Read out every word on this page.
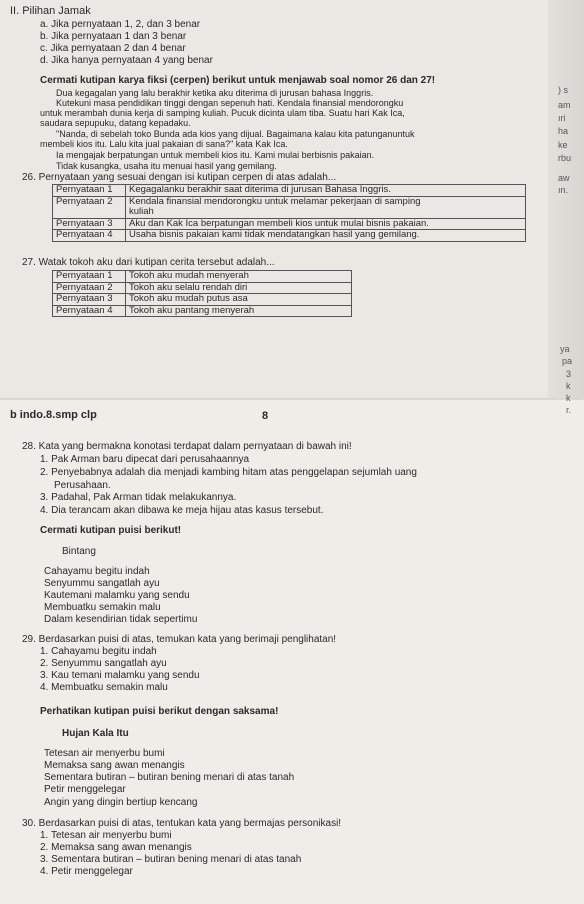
II. Pilihan Jamak
a. Jika pernyataan 1, 2, dan 3 benar
b. Jika pernyataan 1 dan 3 benar
c. Jika pernyataan 2 dan 4 benar
d. Jika hanya pernyataan 4 yang benar
Cermati kutipan karya fiksi (cerpen) berikut untuk menjawab soal nomor 26 dan 27!
Dua kegagalan yang lalu berakhir ketika aku diterima di jurusan bahasa Inggris.
Kutekuni masa pendidikan tinggi dengan sepenuh hati. Kendala finansial mendorongku
untuk merambah dunia kerja di samping kuliah. Pucuk dicinta ulam tiba. Suatu hari Kak Ica,
saudara sepupuku, datang kepadaku.
"Nanda, di sebelah toko Bunda ada kios yang dijual. Bagaimana kalau kita patunganuntuk
membeli kios itu. Lalu kita jual pakaian di sana?" kata Kak Ica.
Ia mengajak berpatungan untuk membeli kios itu. Kami mulai berbisnis pakaian.
Tidak kusangka, usaha itu menuai hasil yang gemilang.
26. Pernyataan yang sesuai dengan isi kutipan cerpen di atas adalah...
Pernyataan 1	Kegagalanku berakhir saat diterima di jurusan Bahasa Inggris.
Pernyataan 2	Kendala finansial mendorongku untuk melamar pekerjaan di samping
	kuliah
Pernyataan 3	Aku dan Kak Ica berpatungan membeli kios untuk mulai bisnis pakaian.
Pernyataan 4	Usaha bisnis pakaian kami tidak mendatangkan hasil yang gemilang.
27. Watak tokoh aku dari kutipan cerita tersebut adalah...
Pernyataan 1	Tokoh aku mudah menyerah
Pernyataan 2	Tokoh aku selalu rendah diri
Pernyataan 3	Tokoh aku mudah putus asa
Pernyataan 4	Tokoh aku pantang menyerah
) s
am
ıri
ha
ke
rbu
aw
ın.
ya
pa
3
k
k
r.
b indo.8.smp clp	8
28. Kata yang bermakna konotasi terdapat dalam pernyataan di bawah ini!
1. Pak Arman baru dipecat dari perusahaannya
2. Penyebabnya adalah dia menjadi kambing hitam atas penggelapan sejumlah uang
Perusahaan.
3. Padahal, Pak Arman tidak melakukannya.
4. Dia terancam akan dibawa ke meja hijau atas kasus tersebut.
Cermati kutipan puisi berikut!
Bintang
Cahayamu begitu indah
Senyummu sangatlah ayu
Kautemani malamku yang sendu
Membuatku semakin malu
Dalam kesendirian tidak sepertimu
29. Berdasarkan puisi di atas, temukan kata yang berimaji penglihatan!
1. Cahayamu begitu indah
2. Senyummu sangatlah ayu
3. Kau temani malamku yang sendu
4. Membuatku semakin malu
Perhatikan kutipan puisi berikut dengan saksama!
Hujan Kala Itu
Tetesan air menyerbu bumi
Memaksa sang awan menangis
Sementara butiran – butiran bening menari di atas tanah
Petir menggelegar
Angin yang dingin bertiup kencang
30. Berdasarkan puisi di atas, tentukan kata yang bermajas personikasi!
1. Tetesan air menyerbu bumi
2. Memaksa sang awan menangis
3. Sementara butiran – butiran bening menari di atas tanah
4. Petir menggelegar
